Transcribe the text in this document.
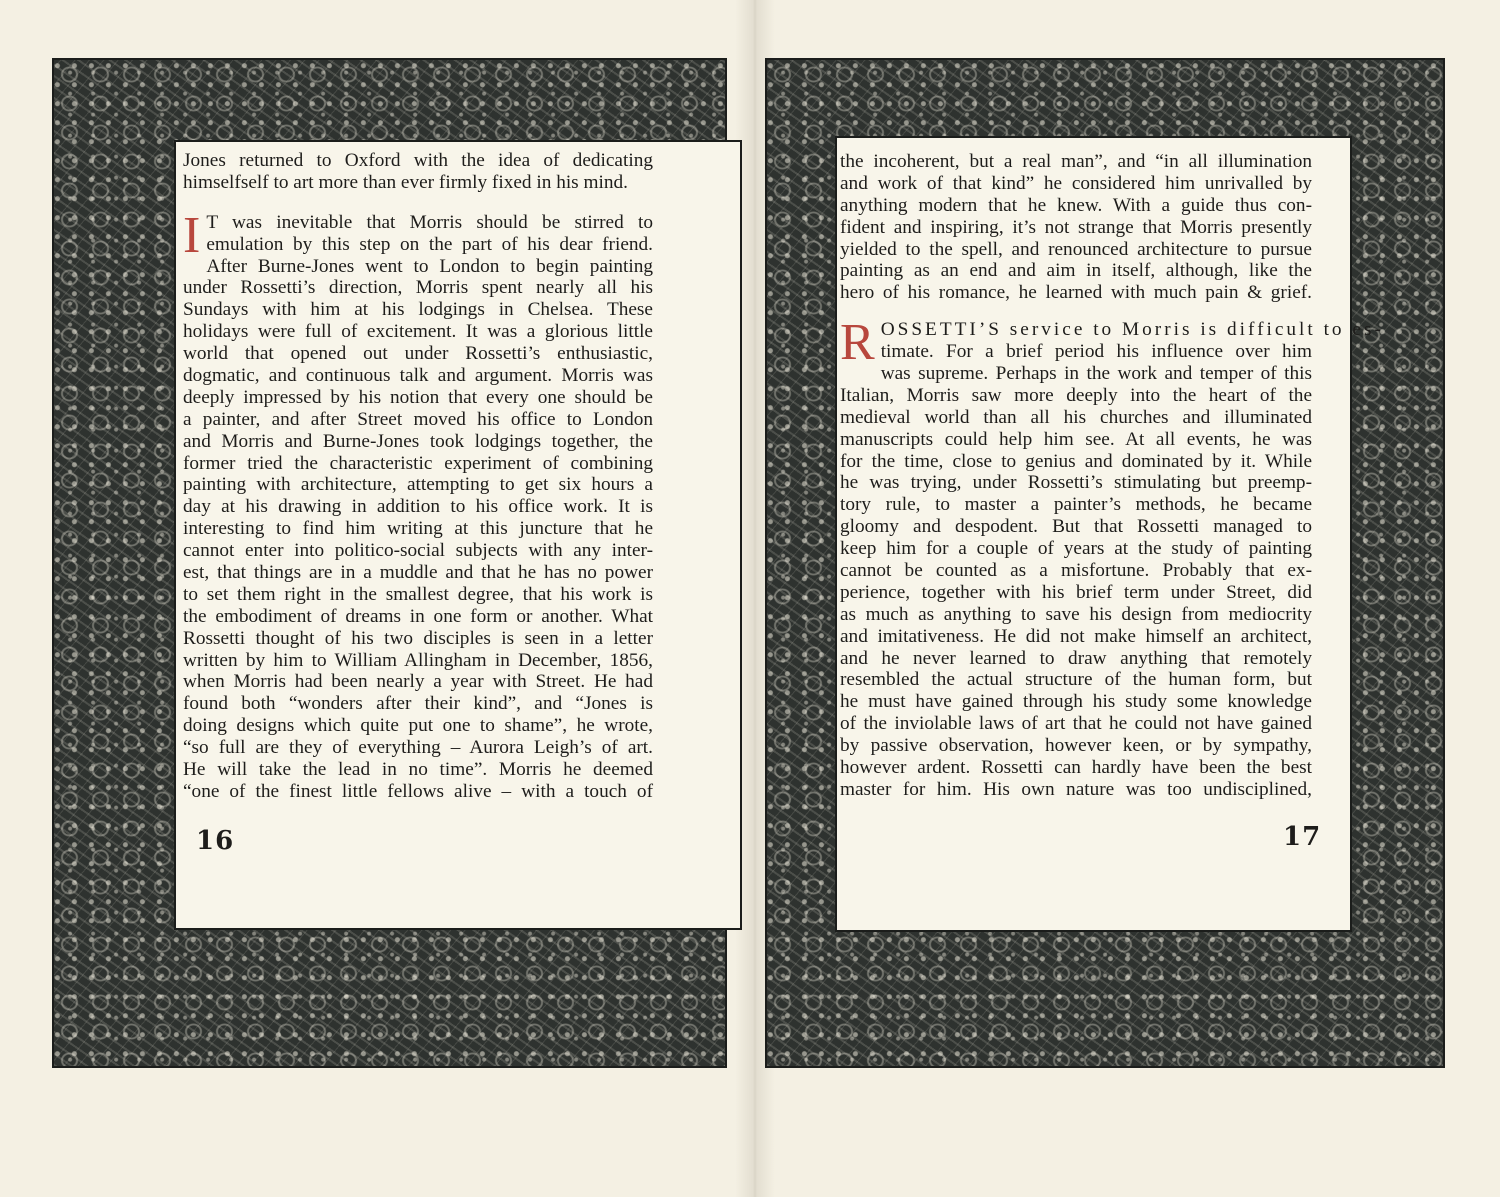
Jones returned to Oxford with the idea of dedicating
himselfself to art more than ever firmly fixed in his mind.
I T was inevitable that Morris should be stirred to
emulation by this step on the part of his dear friend.
After Burne-Jones went to London to begin painting
under Rossetti’s direction, Morris spent nearly all his
Sundays with him at his lodgings in Chelsea. These
holidays were full of excitement. It was a glorious little
world that opened out under Rossetti’s enthusiastic,
dogmatic, and continuous talk and argument. Morris was
deeply impressed by his notion that every one should be
a painter, and after Street moved his office to London
and Morris and Burne-Jones took lodgings together, the
former tried the characteristic experiment of combining
painting with architecture, attempting to get six hours a
day at his drawing in addition to his office work. It is
interesting to find him writing at this juncture that he
cannot enter into politico-social subjects with any inter-
est, that things are in a muddle and that he has no power
to set them right in the smallest degree, that his work is
the embodiment of dreams in one form or another. What
Rossetti thought of his two disciples is seen in a letter
written by him to William Allingham in December, 1856,
when Morris had been nearly a year with Street. He had
found both “wonders after their kind”, and “Jones is
doing designs which quite put one to shame”, he wrote,
“so full are they of everything – Aurora Leigh’s of art.
He will take the lead in no time”. Morris he deemed
“one of the finest little fellows alive – with a touch of
16
the incoherent, but a real man”, and “in all illumination
and work of that kind” he considered him unrivalled by
anything modern that he knew. With a guide thus con-
fident and inspiring, it’s not strange that Morris presently
yielded to the spell, and renounced architecture to pursue
painting as an end and aim in itself, although, like the
hero of his romance, he learned with much pain & grief.
R OSSETTI’S service to Morris is difficult to es-
timate. For a brief period his influence over him
was supreme. Perhaps in the work and temper of this
Italian, Morris saw more deeply into the heart of the
medieval world than all his churches and illuminated
manuscripts could help him see. At all events, he was
for the time, close to genius and dominated by it. While
he was trying, under Rossetti’s stimulating but preemp-
tory rule, to master a painter’s methods, he became
gloomy and despodent. But that Rossetti managed to
keep him for a couple of years at the study of painting
cannot be counted as a misfortune. Probably that ex-
perience, together with his brief term under Street, did
as much as anything to save his design from mediocrity
and imitativeness. He did not make himself an architect,
and he never learned to draw anything that remotely
resembled the actual structure of the human form, but
he must have gained through his study some knowledge
of the inviolable laws of art that he could not have gained
by passive observation, however keen, or by sympathy,
however ardent. Rossetti can hardly have been the best
master for him. His own nature was too undisciplined,
17
